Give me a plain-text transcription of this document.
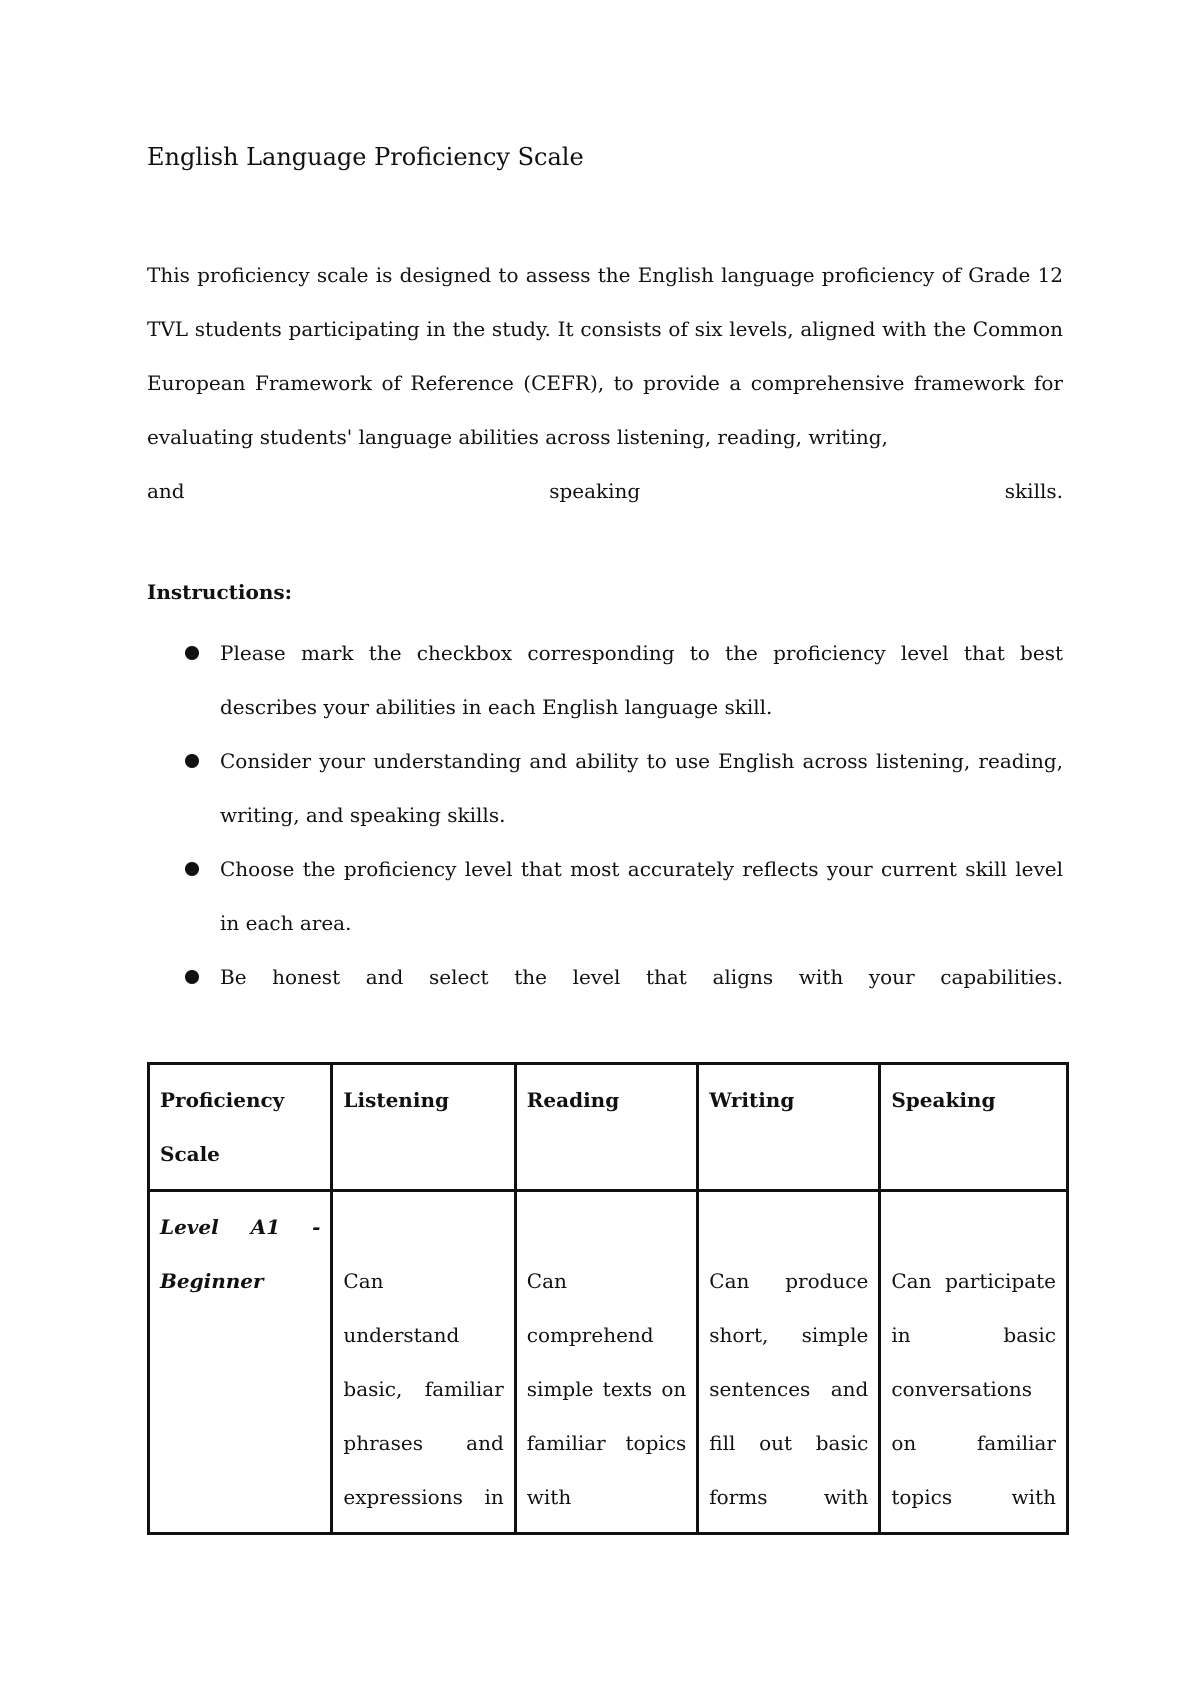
English Language Proficiency Scale
This proficiency scale is designed to assess the English language proficiency of Grade 12 TVL students participating in the study. It consists of six levels, aligned with the Common European Framework of Reference (CEFR), to provide a comprehensive framework for evaluating students' language abilities across listening, reading, writing,
and	speaking	skills.
Instructions:
Please mark the checkbox corresponding to the proficiency level that best describes your abilities in each English language skill.
Consider your understanding and ability to use English across listening, reading, writing, and speaking skills.
Choose the proficiency level that most accurately reflects your current skill level in each area.
Be honest and select the level that aligns with your capabilities.
Proficiency Scale	Listening	Reading	Writing	Speaking
Level A1 - Beginner	Can understand basic, familiar phrases and expressions in	Can comprehend simple texts on familiar topics with	Can produce short, simple sentences and fill out basic forms with	Can participate in basic conversations on familiar topics with
